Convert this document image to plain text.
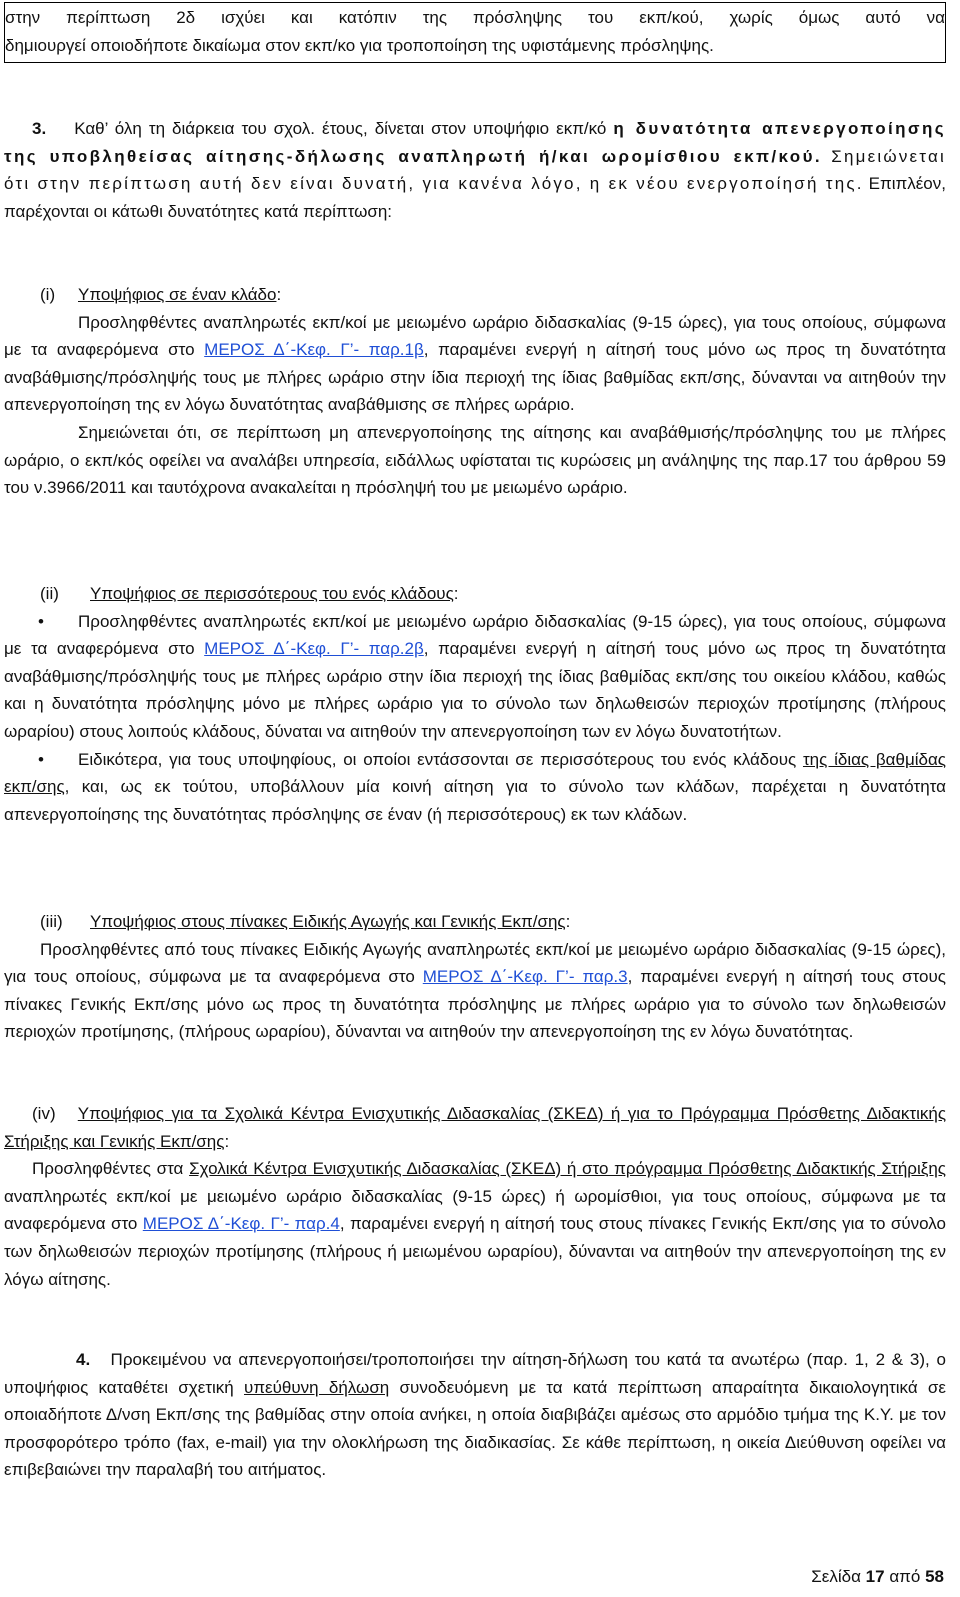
στην περίπτωση 2δ ισχύει και κατόπιν της πρόσληψης του εκπ/κού, χωρίς όμως αυτό να

δημιουργεί οποιοδήποτε δικαίωμα στον εκπ/κο για τροποποίηση της υφιστάμενης πρόσληψης.

3. Καθ’ όλη τη διάρκεια του σχολ. έτους, δίνεται στον υποψήφιο εκπ/κό η δυνατότητα απενεργοποίησης της υποβληθείσας αίτησης-δήλωσης αναπληρωτή ή/και ωρομίσθιου εκπ/κού. Σημειώνεται ότι στην περίπτωση αυτή δεν είναι δυνατή, για κανένα λόγο, η εκ νέου ενεργοποίησή της. Επιπλέον, παρέχονται οι κάτωθι δυνατότητες κατά περίπτωση:

(i) Υποψήφιος σε έναν κλάδο:

Προσληφθέντες αναπληρωτές εκπ/κοί με μειωμένο ωράριο διδασκαλίας (9-15 ώρες), για τους οποίους, σύμφωνα με τα αναφερόμενα στο ΜΕΡΟΣ Δ΄-Κεφ. Γ’- παρ.1β, παραμένει ενεργή η αίτησή τους μόνο ως προς τη δυνατότητα αναβάθμισης/πρόσληψής τους με πλήρες ωράριο στην ίδια περιοχή της ίδιας βαθμίδας εκπ/σης, δύνανται να αιτηθούν την απενεργοποίηση της εν λόγω δυνατότητας αναβάθμισης σε πλήρες ωράριο.

Σημειώνεται ότι, σε περίπτωση μη απενεργοποίησης της αίτησης και αναβάθμισής/πρόσληψης του με πλήρες ωράριο, ο εκπ/κός οφείλει να αναλάβει υπηρεσία, ειδάλλως υφίσταται τις κυρώσεις μη ανάληψης της παρ.17 του άρθρου 59 του ν.3966/2011 και ταυτόχρονα ανακαλείται η πρόσληψή του με μειωμένο ωράριο.

(ii) Υποψήφιος σε περισσότερους του ενός κλάδους:

• Προσληφθέντες αναπληρωτές εκπ/κοί με μειωμένο ωράριο διδασκαλίας (9-15 ώρες), για τους οποίους, σύμφωνα με τα αναφερόμενα στο ΜΕΡΟΣ Δ΄-Κεφ. Γ’- παρ.2β, παραμένει ενεργή η αίτησή τους μόνο ως προς τη δυνατότητα αναβάθμισης/πρόσληψής τους με πλήρες ωράριο στην ίδια περιοχή της ίδιας βαθμίδας εκπ/σης του οικείου κλάδου, καθώς και η δυνατότητα πρόσληψης μόνο με πλήρες ωράριο για το σύνολο των δηλωθεισών περιοχών προτίμησης (πλήρους ωραρίου) στους λοιπούς κλάδους, δύναται να αιτηθούν την απενεργοποίηση των εν λόγω δυνατοτήτων.

• Ειδικότερα, για τους υποψηφίους, οι οποίοι εντάσσονται σε περισσότερους του ενός κλάδους της ίδιας βαθμίδας εκπ/σης, και, ως εκ τούτου, υποβάλλουν μία κοινή αίτηση για το σύνολο των κλάδων, παρέχεται η δυνατότητα απενεργοποίησης της δυνατότητας πρόσληψης σε έναν (ή περισσότερους) εκ των κλάδων.

(iii) Υποψήφιος στους πίνακες Ειδικής Αγωγής και Γενικής Εκπ/σης:

Προσληφθέντες από τους πίνακες Ειδικής Αγωγής αναπληρωτές εκπ/κοί με μειωμένο ωράριο διδασκαλίας (9-15 ώρες), για τους οποίους, σύμφωνα με τα αναφερόμενα στο ΜΕΡΟΣ Δ΄-Κεφ. Γ’- παρ.3, παραμένει ενεργή η αίτησή τους στους πίνακες Γενικής Εκπ/σης μόνο ως προς τη δυνατότητα πρόσληψης με πλήρες ωράριο για το σύνολο των δηλωθεισών περιοχών προτίμησης, (πλήρους ωραρίου), δύνανται να αιτηθούν την απενεργοποίηση της εν λόγω δυνατότητας.

(iv) Υποψήφιος για τα Σχολικά Κέντρα Ενισχυτικής Διδασκαλίας (ΣΚΕΔ) ή για το Πρόγραμμα Πρόσθετης Διδακτικής Στήριξης και Γενικής Εκπ/σης:

Προσληφθέντες στα Σχολικά Κέντρα Ενισχυτικής Διδασκαλίας (ΣΚΕΔ) ή στο πρόγραμμα Πρόσθετης Διδακτικής Στήριξης αναπληρωτές εκπ/κοί με μειωμένο ωράριο διδασκαλίας (9-15 ώρες) ή ωρομίσθιοι, για τους οποίους, σύμφωνα με τα αναφερόμενα στο ΜΕΡΟΣ Δ΄-Κεφ. Γ’- παρ.4, παραμένει ενεργή η αίτησή τους στους πίνακες Γενικής Εκπ/σης για το σύνολο των δηλωθεισών περιοχών προτίμησης (πλήρους ή μειωμένου ωραρίου), δύνανται να αιτηθούν την απενεργοποίηση της εν λόγω αίτησης.

4. Προκειμένου να απενεργοποιήσει/τροποποιήσει την αίτηση-δήλωση του κατά τα ανωτέρω (παρ. 1, 2 & 3), ο υποψήφιος καταθέτει σχετική υπεύθυνη δήλωση συνοδευόμενη με τα κατά περίπτωση απαραίτητα δικαιολογητικά σε οποιαδήποτε Δ/νση Εκπ/σης της βαθμίδας στην οποία ανήκει, η οποία διαβιβάζει αμέσως στο αρμόδιο τμήμα της Κ.Υ. με τον προσφορότερο τρόπο (fax, e-mail) για την ολοκλήρωση της διαδικασίας. Σε κάθε περίπτωση, η οικεία Διεύθυνση οφείλει να επιβεβαιώνει την παραλαβή του αιτήματος.

Σελίδα 17 από 58
